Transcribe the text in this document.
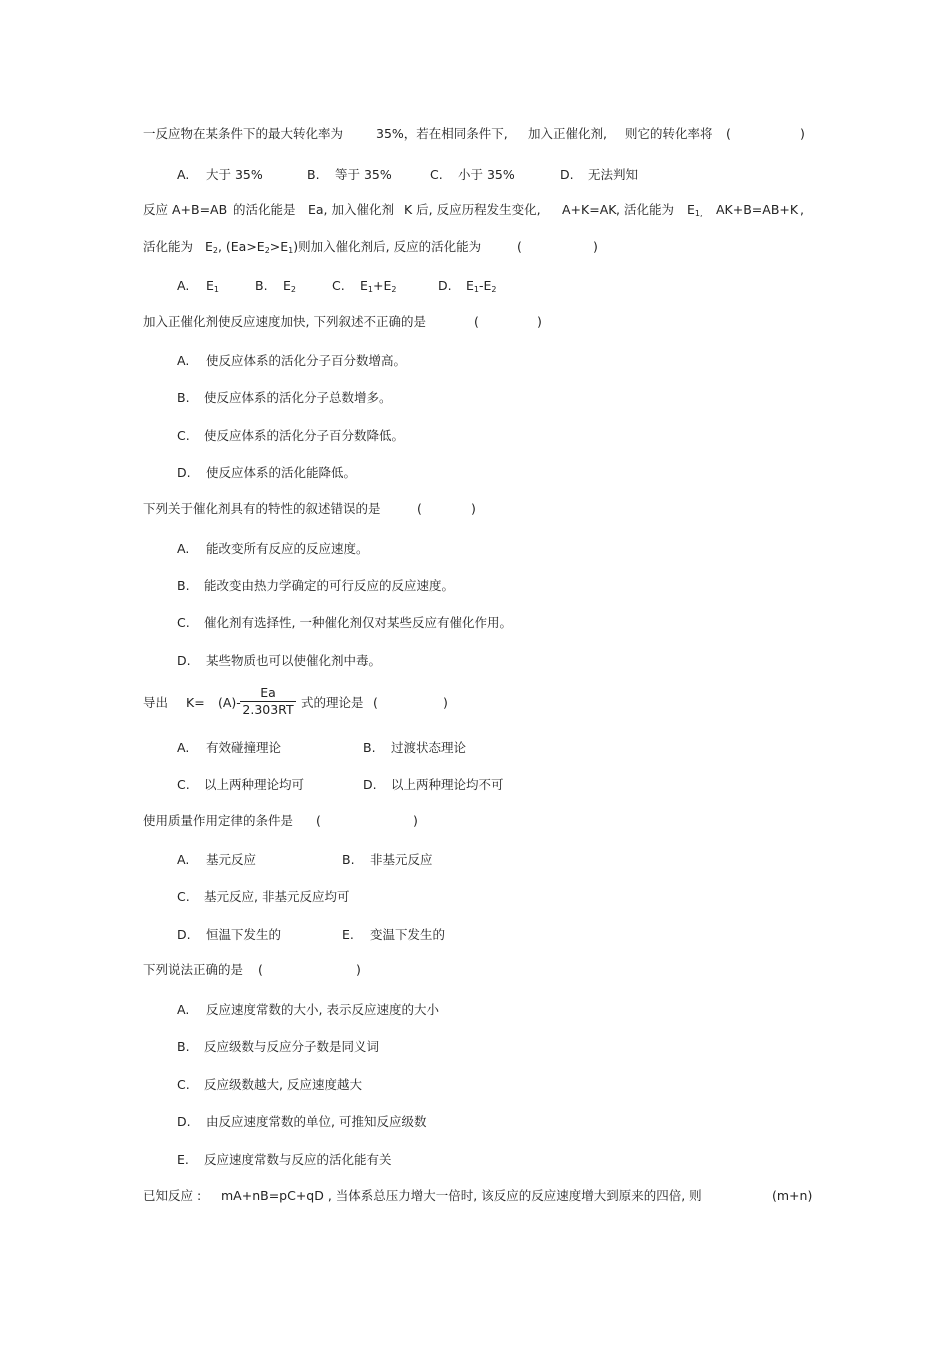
一反应物在某条件下的最大转化率为	35%，若在相同条件下, 加入正催化剂, 则它的转化率将 (	)
A. 大于 35%	B. 等于 35%	C. 小于 35%	D. 无法判知
反应 A+B=AB 的活化能是 Ea, 加入催化剂 K 后, 反应历程发生变化, A+K=AK , 活化能为 $E_{1,}$ AK+B=AB+K ,
活化能为 $E_2$, $(Ea>E_2>E_1)$则加入催化剂后, 反应的活化能为	(	)
A. $E_1$	B. $E_2$	C. $E_1+E_2$	D. $E_1-E_2$
加入正催化剂使反应速度加快, 下列叙述不正确的是	(	)
A. 使反应体系的活化分子百分数增高。
B. 使反应体系的活化分子总数增多。
C. 使反应体系的活化分子百分数降低。
D. 使反应体系的活化能降低。
下列关于催化剂具有的特性的叙述错误的是	(	)
A. 能改变所有反应的反应速度。
B. 能改变由热力学确定的可行反应的反应速度。
C. 催化剂有选择性, 一种催化剂仅对某些反应有催化作用。
D. 某些物质也可以使催化剂中毒。
导出 K= (A)-
Ea
2.303RT 式的理论是 (	)
A. 有效碰撞理论	B. 过渡状态理论
C. 以上两种理论均可	D. 以上两种理论均不可
使用质量作用定律的条件是 (	)
A. 基元反应	B. 非基元反应
C. 基元反应, 非基元反应均可
D. 恒温下发生的	E. 变温下发生的
下列说法正确的是 (	)
A. 反应速度常数的大小, 表示反应速度的大小
B. 反应级数与反应分子数是同义词
C. 反应级数越大, 反应速度越大
D. 由反应速度常数的单位, 可推知反应级数
E. 反应速度常数与反应的活化能有关
已知反应 : mA+nB=pC+qD , 当体系总压力增大一倍时, 该反应的反应速度增大到原来的四倍, 则	(m+n)
